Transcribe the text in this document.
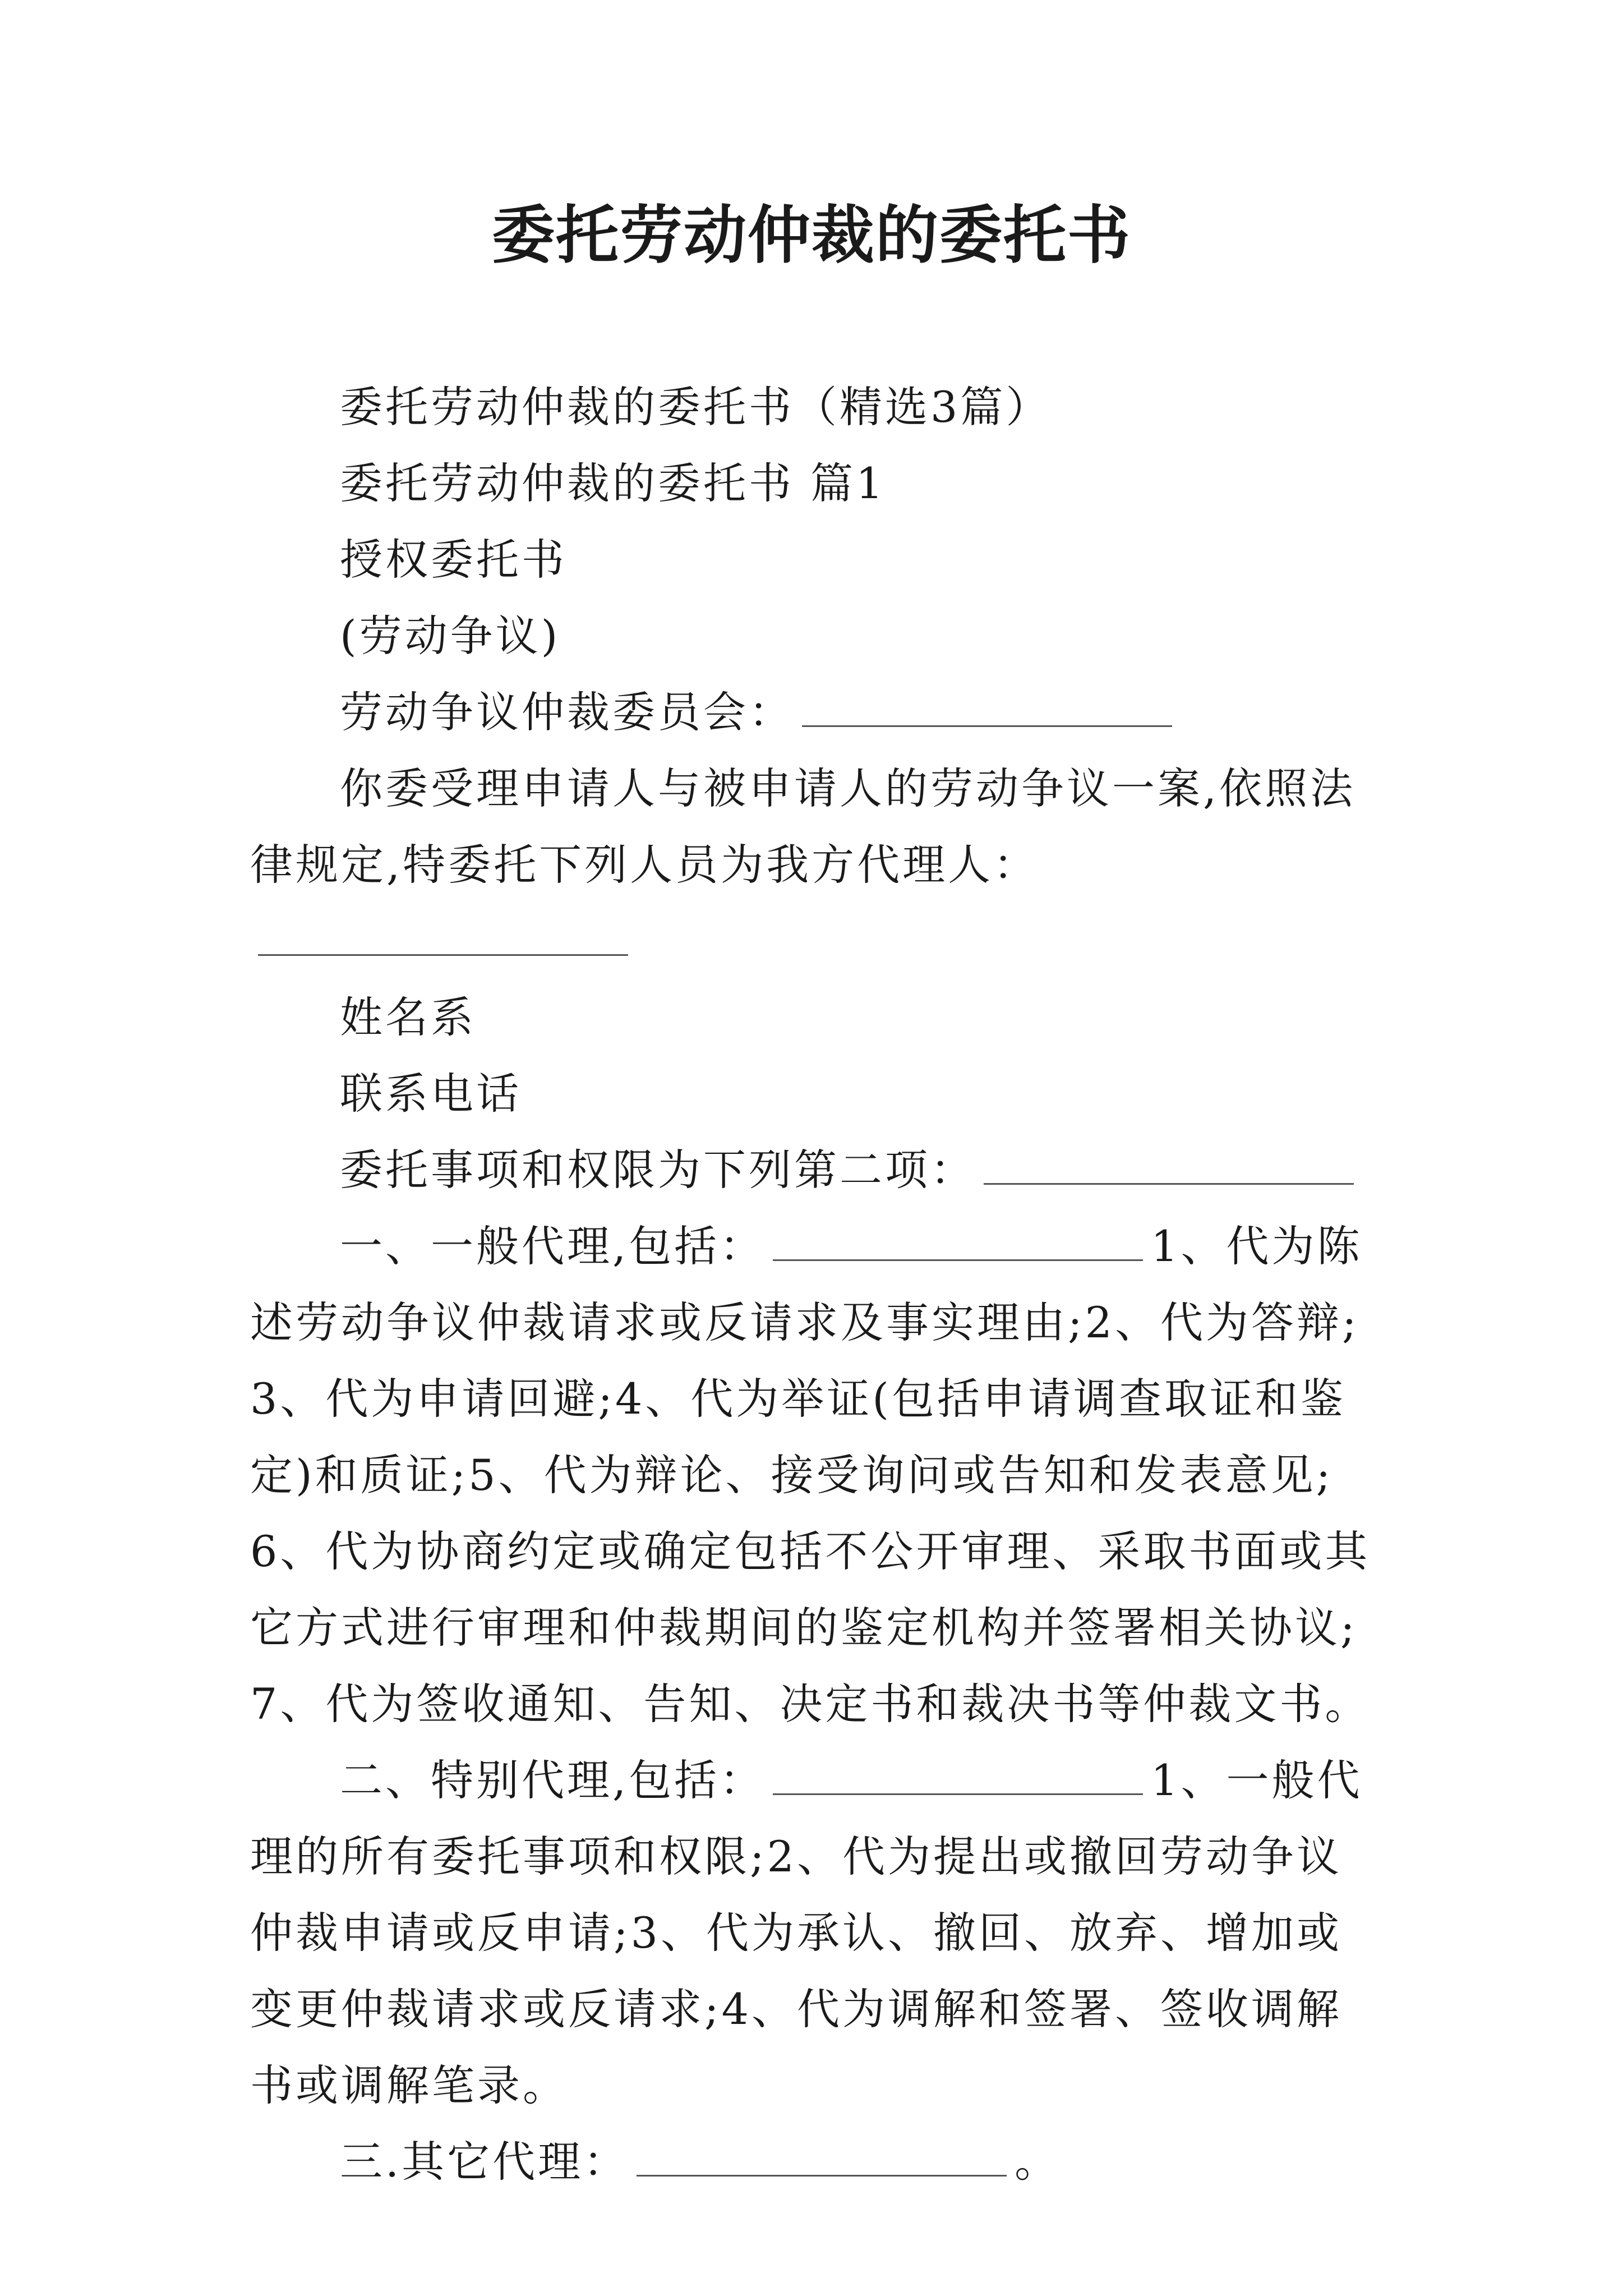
委托劳动仲裁的委托书

委托劳动仲裁的委托书（精选3篇）

委托劳动仲裁的委托书 篇1

授权委托书

(劳动争议)

劳动争议仲裁委员会：

你委受理申请人与被申请人的劳动争议一案,依照法律规定,特委托下列人员为我方代理人：

姓名系

联系电话

委托事项和权限为下列第二项：

一、一般代理,包括：	1、代为陈述劳动争议仲裁请求或反请求及事实理由;2、代为答辩;3、代为申请回避;4、代为举证(包括申请调查取证和鉴定)和质证;5、代为辩论、接受询问或告知和发表意见;6、代为协商约定或确定包括不公开审理、采取书面或其它方式进行审理和仲裁期间的鉴定机构并签署相关协议;7、代为签收通知、告知、决定书和裁决书等仲裁文书。

二、特别代理,包括：	1、一般代理的所有委托事项和权限;2、代为提出或撤回劳动争议仲裁申请或反申请;3、代为承认、撤回、放弃、增加或变更仲裁请求或反请求;4、代为调解和签署、签收调解书或调解笔录。

三.其它代理：	。
